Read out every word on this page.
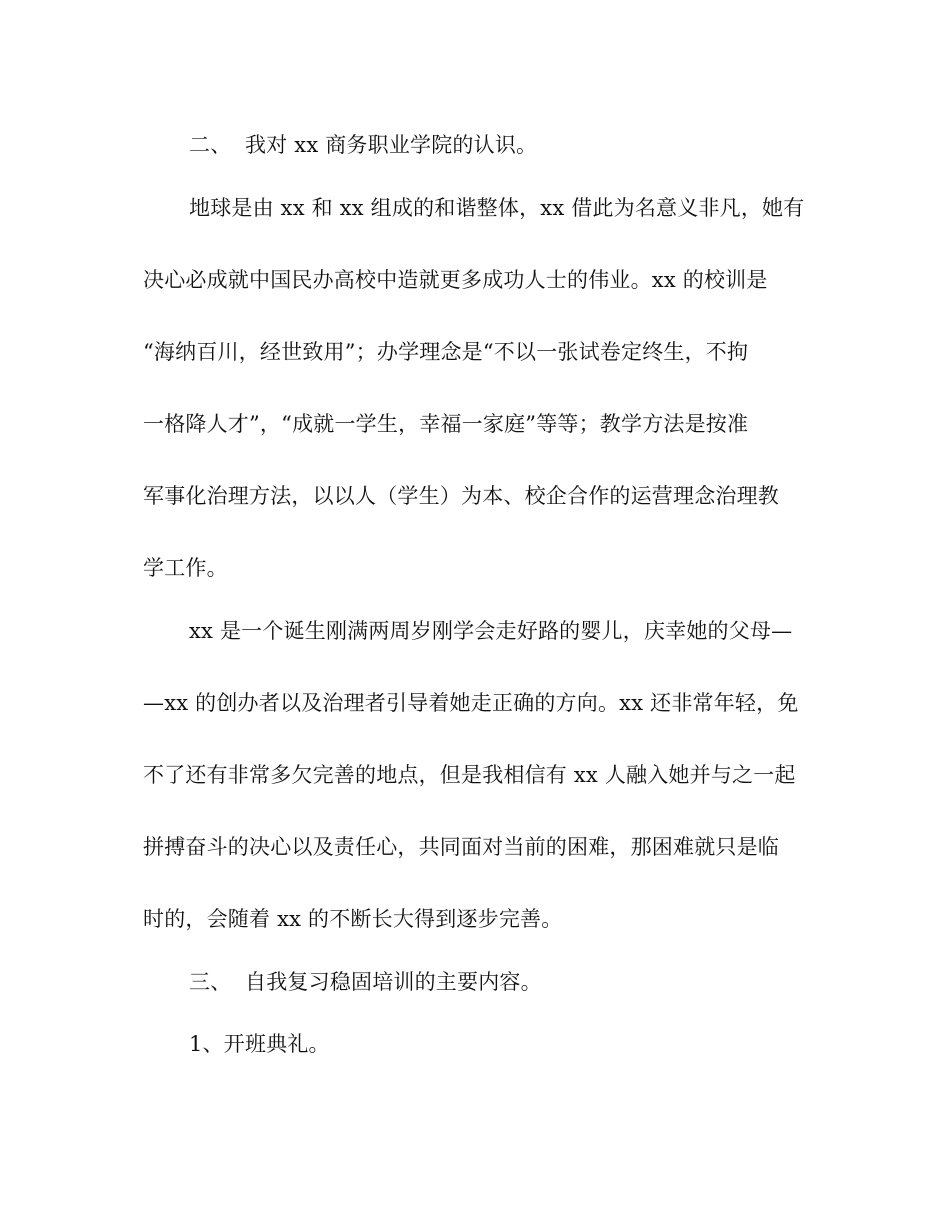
二、 我对 xx 商务职业学院的认识。
地球是由 xx 和 xx 组成的和谐整体，xx 借此为名意义非凡，她有
决心必成就中国民办高校中造就更多成功人士的伟业。xx 的校训是
“海纳百川，经世致用”；办学理念是“不以一张试卷定终生，不拘
一格降人才”，“成就一学生，幸福一家庭”等等；教学方法是按准
军事化治理方法，以以人（学生）为本、校企合作的运营理念治理教
学工作。
xx 是一个诞生刚满两周岁刚学会走好路的婴儿，庆幸她的父母—
—xx 的创办者以及治理者引导着她走正确的方向。xx 还非常年轻，免
不了还有非常多欠完善的地点，但是我相信有 xx 人融入她并与之一起
拼搏奋斗的决心以及责任心，共同面对当前的困难，那困难就只是临
时的，会随着 xx 的不断长大得到逐步完善。
三、 自我复习稳固培训的主要内容。
1、开班典礼。
